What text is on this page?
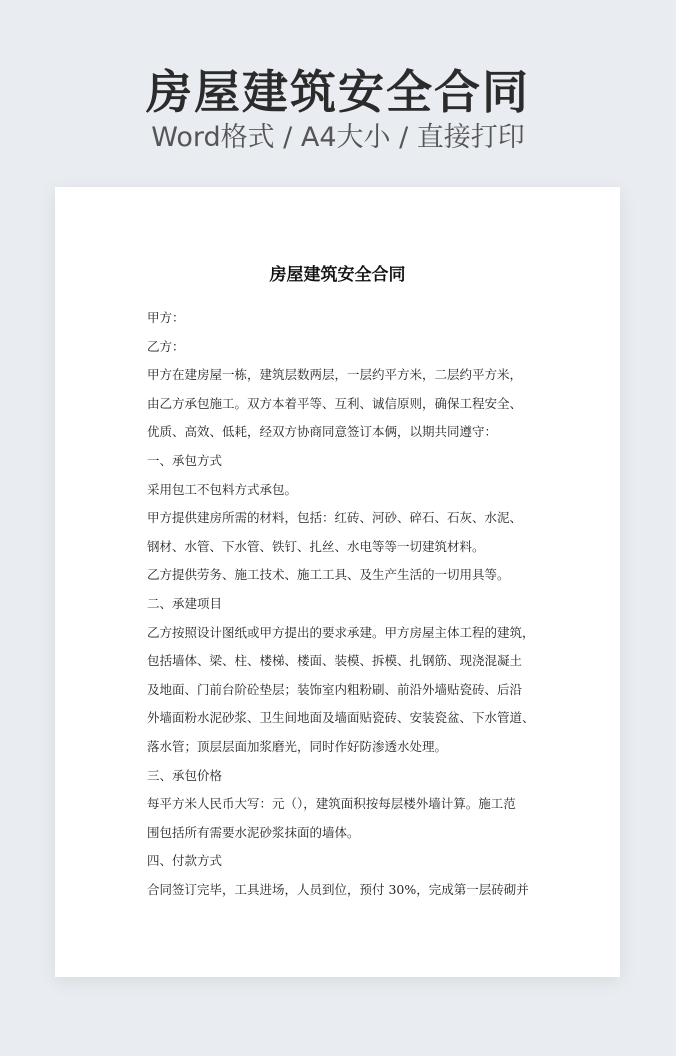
房屋建筑安全合同
Word格式 / A4大小 / 直接打印
房屋建筑安全合同
甲方：
乙方：
甲方在建房屋一栋，建筑层数两层，一层约平方米，二层约平方米，
由乙方承包施工。双方本着平等、互利、诚信原则，确保工程安全、
优质、高效、低耗，经双方协商同意签订本俩，以期共同遵守：
一、承包方式
采用包工不包料方式承包。
甲方提供建房所需的材料，包括：红砖、河砂、碎石、石灰、水泥、
钢材、水管、下水管、铁钉、扎丝、水电等等一切建筑材料。
乙方提供劳务、施工技术、施工工具、及生产生活的一切用具等。
二、承建项目
乙方按照设计图纸或甲方提出的要求承建。甲方房屋主体工程的建筑，
包括墙体、梁、柱、楼梯、楼面、装模、拆模、扎钢筋、现浇混凝土
及地面、门前台阶砼垫层；装饰室内粗粉刷、前沿外墙贴瓷砖、后沿
外墙面粉水泥砂浆、卫生间地面及墙面贴瓷砖、安装瓷盆、下水管道、
落水管；顶层层面加浆磨光，同时作好防渗透水处理。
三、承包价格
每平方米人民币大写：元（），建筑面积按每层楼外墙计算。施工范
围包括所有需要水泥砂浆抹面的墙体。
四、付款方式
合同签订完毕，工具进场，人员到位，预付 30%，完成第一层砖砌并
